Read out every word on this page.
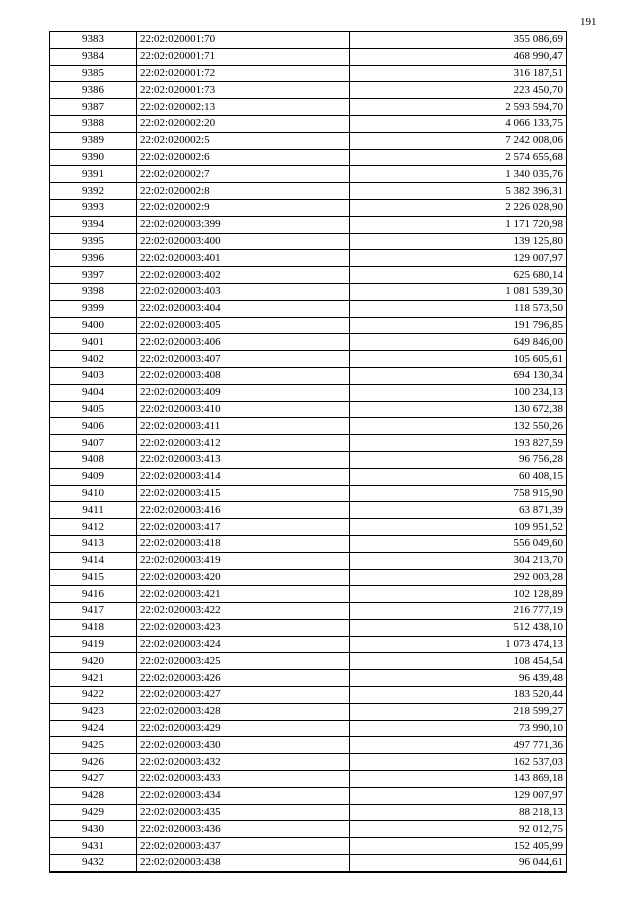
191
9383	22:02:020001:70	355 086,69
9384	22:02:020001:71	468 990,47
9385	22:02:020001:72	316 187,51
9386	22:02:020001:73	223 450,70
9387	22:02:020002:13	2 593 594,70
9388	22:02:020002:20	4 066 133,75
9389	22:02:020002:5	7 242 008,06
9390	22:02:020002:6	2 574 655,68
9391	22:02:020002:7	1 340 035,76
9392	22:02:020002:8	5 382 396,31
9393	22:02:020002:9	2 226 028,90
9394	22:02:020003:399	1 171 720,98
9395	22:02:020003:400	139 125,80
9396	22:02:020003:401	129 007,97
9397	22:02:020003:402	625 680,14
9398	22:02:020003:403	1 081 539,30
9399	22:02:020003:404	118 573,50
9400	22:02:020003:405	191 796,85
9401	22:02:020003:406	649 846,00
9402	22:02:020003:407	105 605,61
9403	22:02:020003:408	694 130,34
9404	22:02:020003:409	100 234,13
9405	22:02:020003:410	130 672,38
9406	22:02:020003:411	132 550,26
9407	22:02:020003:412	193 827,59
9408	22:02:020003:413	96 756,28
9409	22:02:020003:414	60 408,15
9410	22:02:020003:415	758 915,90
9411	22:02:020003:416	63 871,39
9412	22:02:020003:417	109 951,52
9413	22:02:020003:418	556 049,60
9414	22:02:020003:419	304 213,70
9415	22:02:020003:420	292 003,28
9416	22:02:020003:421	102 128,89
9417	22:02:020003:422	216 777,19
9418	22:02:020003:423	512 438,10
9419	22:02:020003:424	1 073 474,13
9420	22:02:020003:425	108 454,54
9421	22:02:020003:426	96 439,48
9422	22:02:020003:427	183 520,44
9423	22:02:020003:428	218 599,27
9424	22:02:020003:429	73 990,10
9425	22:02:020003:430	497 771,36
9426	22:02:020003:432	162 537,03
9427	22:02:020003:433	143 869,18
9428	22:02:020003:434	129 007,97
9429	22:02:020003:435	88 218,13
9430	22:02:020003:436	92 012,75
9431	22:02:020003:437	152 405,99
9432	22:02:020003:438	96 044,61
